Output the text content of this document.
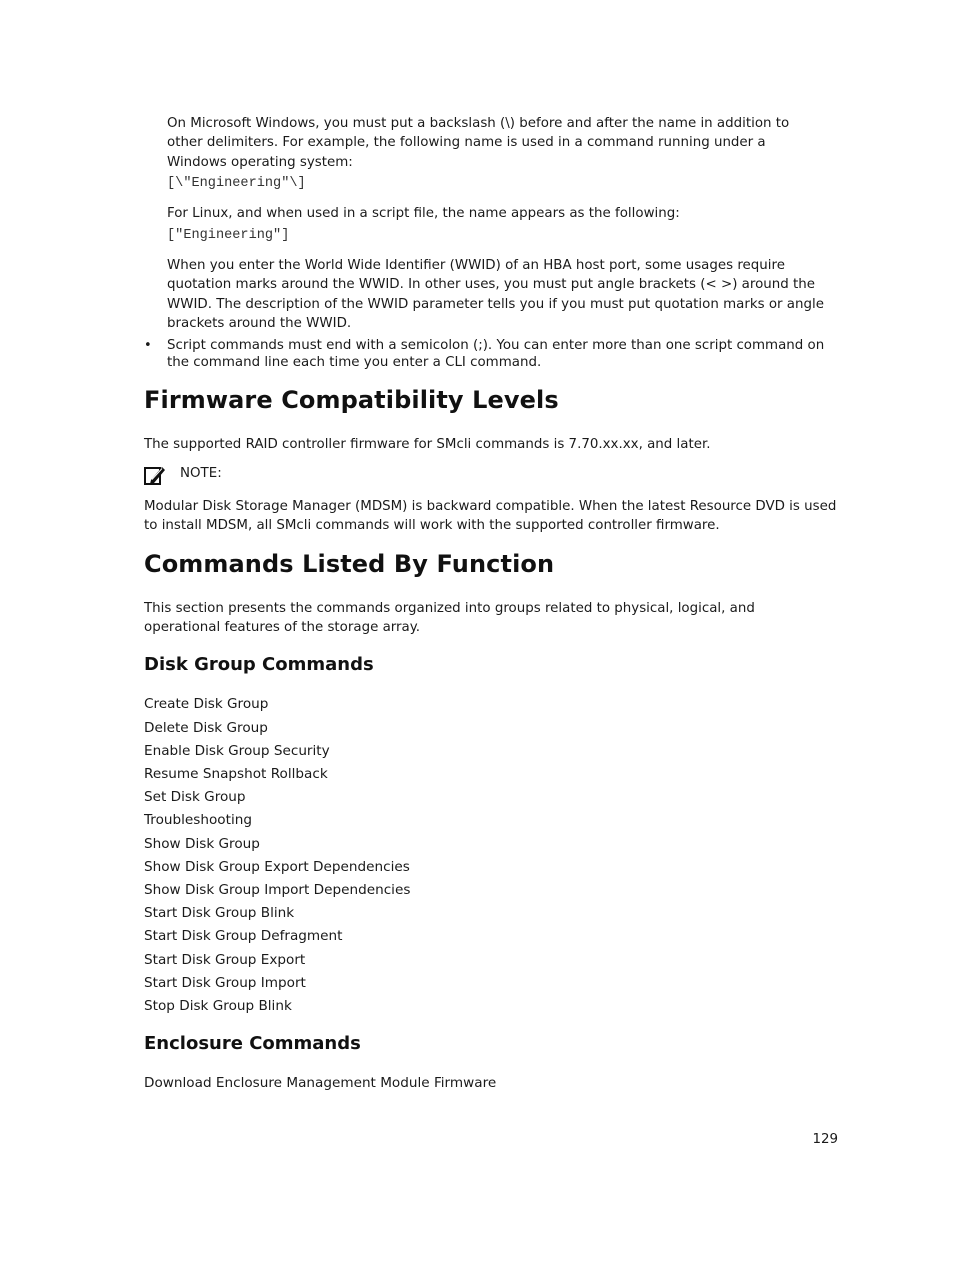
On Microsoft Windows, you must put a backslash (\) before and after the name in addition to other delimiters. For example, the following name is used in a command running under a Windows operating system:
[\"Engineering"\]
For Linux, and when used in a script file, the name appears as the following:
["Engineering"]
When you enter the World Wide Identifier (WWID) of an HBA host port, some usages require quotation marks around the WWID. In other uses, you must put angle brackets (< >) around the WWID. The description of the WWID parameter tells you if you must put quotation marks or angle brackets around the WWID.
• Script commands must end with a semicolon (;). You can enter more than one script command on the command line each time you enter a CLI command.
Firmware Compatibility Levels
The supported RAID controller firmware for SMcli commands is 7.70.xx.xx, and later.
NOTE:
Modular Disk Storage Manager (MDSM) is backward compatible. When the latest Resource DVD is used to install MDSM, all SMcli commands will work with the supported controller firmware.
Commands Listed By Function
This section presents the commands organized into groups related to physical, logical, and operational features of the storage array.
Disk Group Commands
Create Disk Group
Delete Disk Group
Enable Disk Group Security
Resume Snapshot Rollback
Set Disk Group
Troubleshooting
Show Disk Group
Show Disk Group Export Dependencies
Show Disk Group Import Dependencies
Start Disk Group Blink
Start Disk Group Defragment
Start Disk Group Export
Start Disk Group Import
Stop Disk Group Blink
Enclosure Commands
Download Enclosure Management Module Firmware
129
